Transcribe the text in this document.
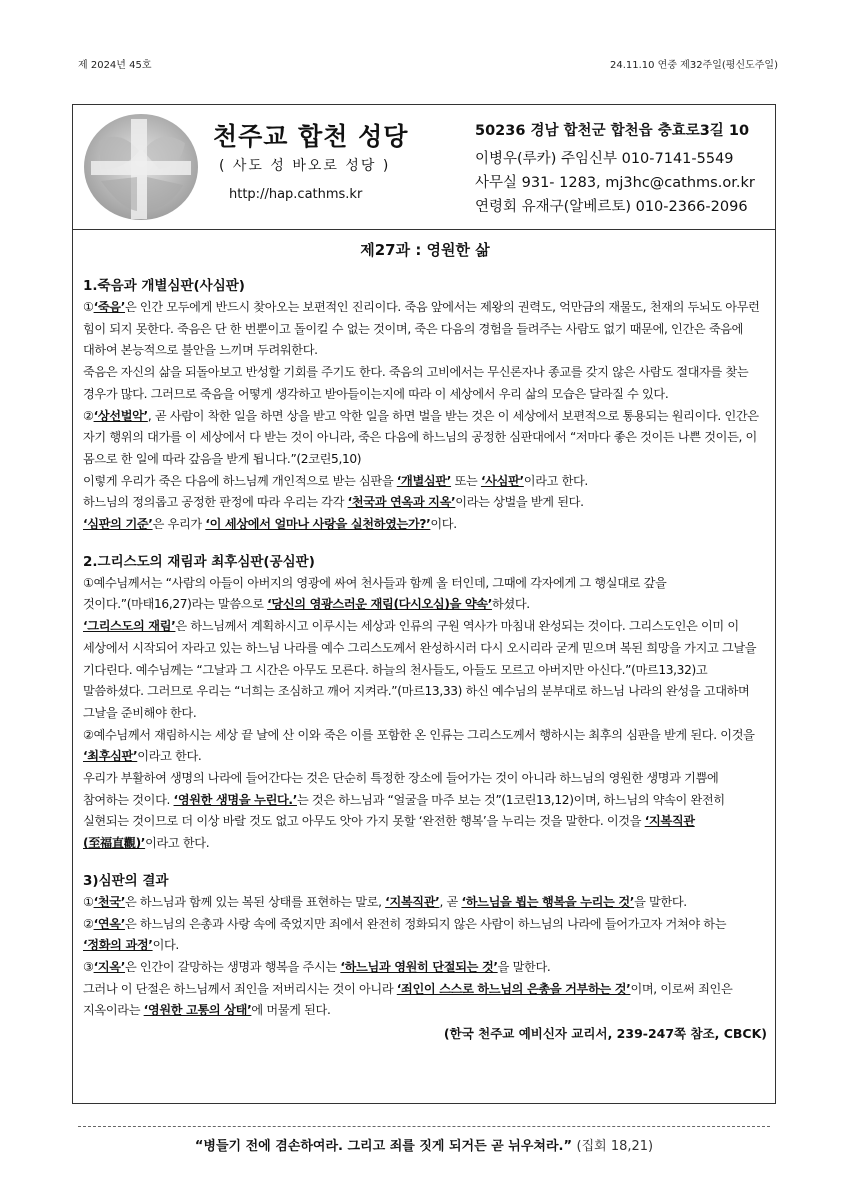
제 2024년 45호	24.11.10 연중 제32주일(평신도주일)
천주교 합천 성당
( 사도 성 바오로 성당 )
http://hap.cathms.kr
50236 경남 합천군 합천읍 충효로3길 10
이병우(루카) 주임신부 010-7141-5549
사무실 931- 1283, mj3hc@cathms.or.kr
연령회 유재구(알베르토) 010-2366-2096
제27과 : 영원한 삶
1.죽음과 개별심판(사심판)
①‘죽음’은 인간 모두에게 반드시 찾아오는 보편적인 진리이다. 죽음 앞에서는 제왕의 권력도, 억만금의 재물도, 천재의 두뇌도 아무런 힘이 되지 못한다. 죽음은 단 한 번뿐이고 돌이킬 수 없는 것이며, 죽은 다음의 경험을 들려주는 사람도 없기 때문에, 인간은 죽음에 대하여 본능적으로 불안을 느끼며 두려워한다.
죽음은 자신의 삶을 되돌아보고 반성할 기회를 주기도 한다. 죽음의 고비에서는 무신론자나 종교를 갖지 않은 사람도 절대자를 찾는 경우가 많다. 그러므로 죽음을 어떻게 생각하고 받아들이는지에 따라 이 세상에서 우리 삶의 모습은 달라질 수 있다.
②‘상선벌악’, 곧 사람이 착한 일을 하면 상을 받고 악한 일을 하면 벌을 받는 것은 이 세상에서 보편적으로 통용되는 원리이다. 인간은 자기 행위의 대가를 이 세상에서 다 받는 것이 아니라, 죽은 다음에 하느님의 공정한 심판대에서 “저마다 좋은 것이든 나쁜 것이든, 이 몸으로 한 일에 따라 갚음을 받게 됩니다.”(2코린5,10)
이렇게 우리가 죽은 다음에 하느님께 개인적으로 받는 심판을 ‘개별심판’ 또는 ‘사심판’이라고 한다.
하느님의 정의롭고 공정한 판정에 따라 우리는 각각 ‘천국과 연옥과 지옥’이라는 상벌을 받게 된다.
‘심판의 기준’은 우리가 ‘이 세상에서 얼마나 사랑을 실천하였는가?’이다.
2.그리스도의 재림과 최후심판(공심판)
①예수님께서는 “사람의 아들이 아버지의 영광에 싸여 천사들과 함께 올 터인데, 그때에 각자에게 그 행실대로 갚을 것이다.”(마태16,27)라는 말씀으로 ‘당신의 영광스러운 재림(다시오심)을 약속’하셨다.
‘그리스도의 재림’은 하느님께서 계획하시고 이루시는 세상과 인류의 구원 역사가 마침내 완성되는 것이다. 그리스도인은 이미 이 세상에서 시작되어 자라고 있는 하느님 나라를 예수 그리스도께서 완성하시러 다시 오시리라 굳게 믿으며 복된 희망을 가지고 그날을 기다린다. 예수님께는 “그날과 그 시간은 아무도 모른다. 하늘의 천사들도, 아들도 모르고 아버지만 아신다.”(마르13,32)고 말씀하셨다. 그러므로 우리는 “너희는 조심하고 깨어 지켜라.”(마르13,33) 하신 예수님의 분부대로 하느님 나라의 완성을 고대하며 그날을 준비해야 한다.
②예수님께서 재림하시는 세상 끝 날에 산 이와 죽은 이를 포함한 온 인류는 그리스도께서 행하시는 최후의 심판을 받게 된다. 이것을 ‘최후심판’이라고 한다.
우리가 부활하여 생명의 나라에 들어간다는 것은 단순히 특정한 장소에 들어가는 것이 아니라 하느님의 영원한 생명과 기쁨에 참여하는 것이다. ‘영원한 생명을 누린다.’는 것은 하느님과 “얼굴을 마주 보는 것”(1코린13,12)이며, 하느님의 약속이 완전히 실현되는 것이므로 더 이상 바랄 것도 없고 아무도 앗아 가지 못할 ‘완전한 행복’을 누리는 것을 말한다. 이것을 ‘지복직관(至福直觀)’이라고 한다.
3)심판의 결과
①‘천국’은 하느님과 함께 있는 복된 상태를 표현하는 말로, ‘지복직관’, 곧 ‘하느님을 뵙는 행복을 누리는 것’을 말한다.
②‘연옥’은 하느님의 은총과 사랑 속에 죽었지만 죄에서 완전히 정화되지 않은 사람이 하느님의 나라에 들어가고자 거쳐야 하는 ‘정화의 과정’이다.
③‘지옥’은 인간이 갈망하는 생명과 행복을 주시는 ‘하느님과 영원히 단절되는 것’을 말한다.
그러나 이 단절은 하느님께서 죄인을 저버리시는 것이 아니라 ‘죄인이 스스로 하느님의 은총을 거부하는 것’이며, 이로써 죄인은 지옥이라는 ‘영원한 고통의 상태’에 머물게 된다.
(한국 천주교 예비신자 교리서, 239-247쪽 참조, CBCK)
“병들기 전에 겸손하여라. 그리고 죄를 짓게 되거든 곧 뉘우쳐라.” (집회 18,21)
